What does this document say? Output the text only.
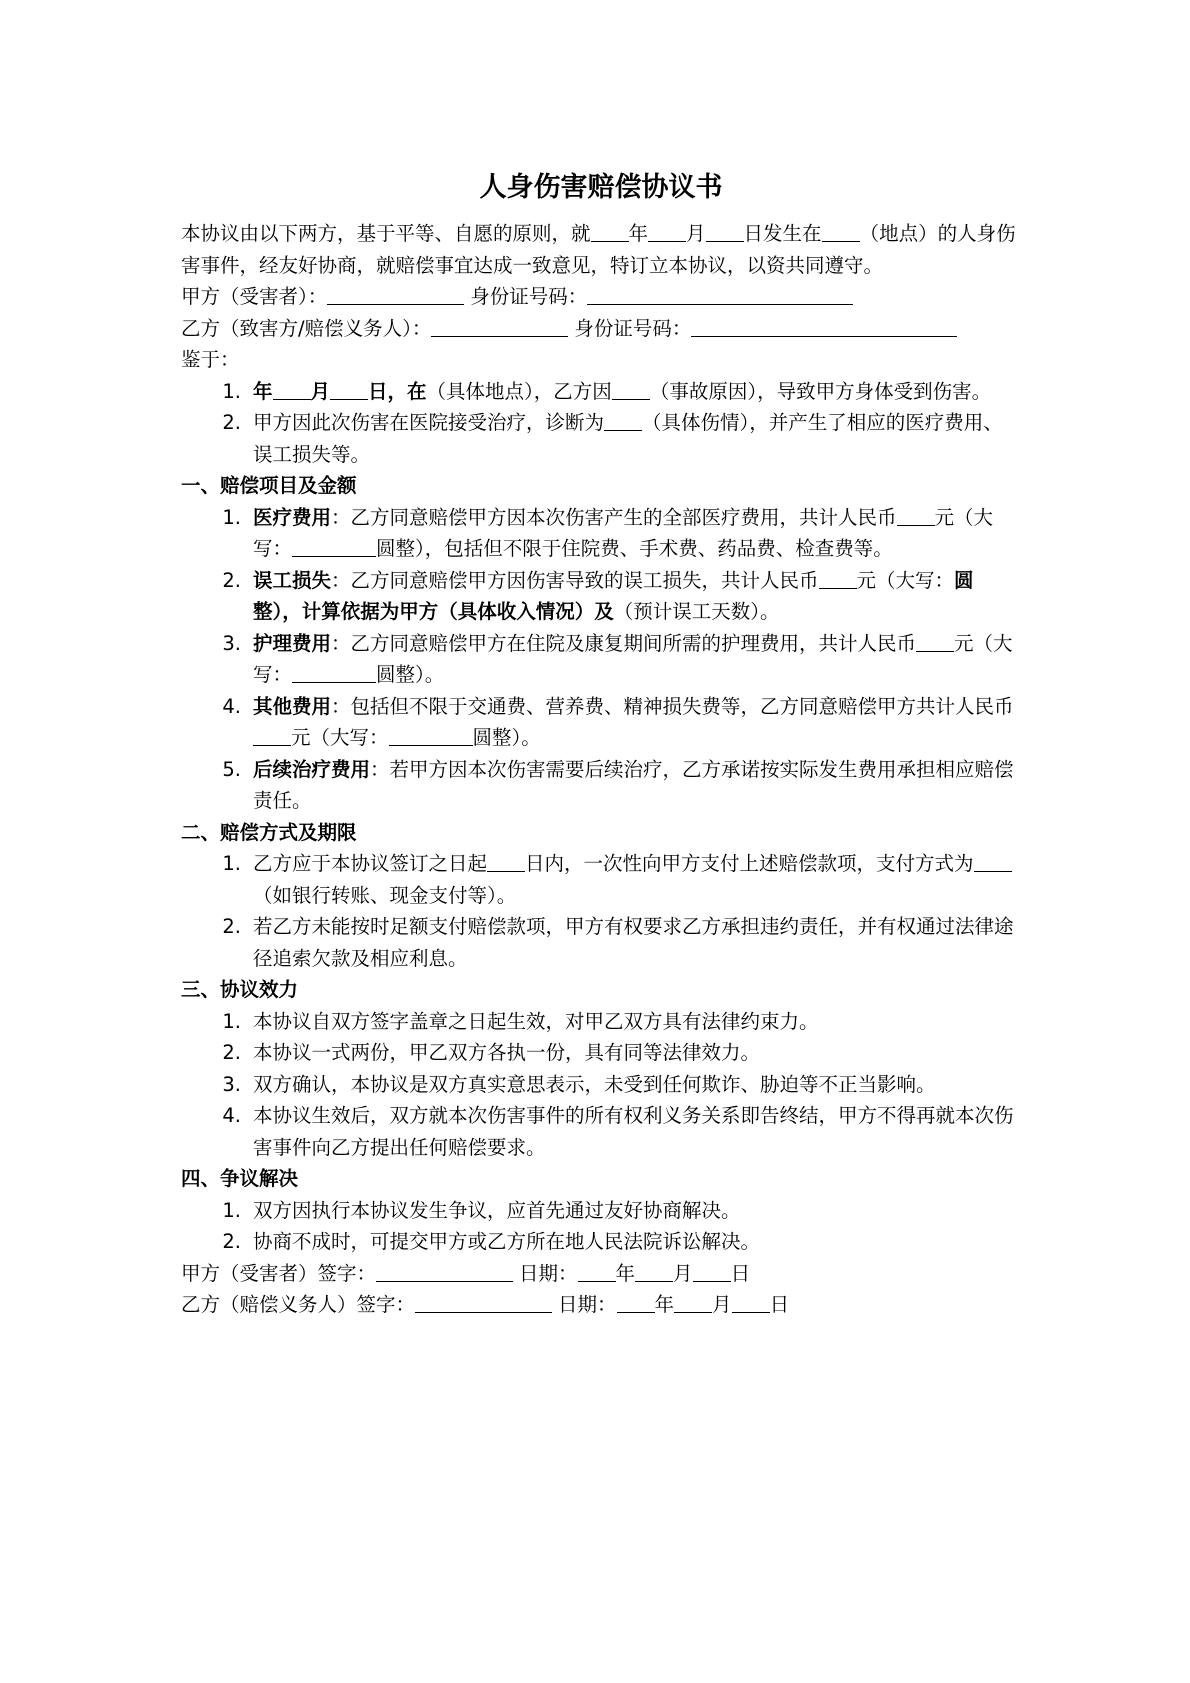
人身伤害赔偿协议书

本协议由以下两方，基于平等、自愿的原则，就 年 月 日发生在 （地点）的人身伤害事件，经友好协商，就赔偿事宜达成一致意见，特订立本协议，以资共同遵守。

甲方（受害者）：	身份证号码：

乙方（致害方/赔偿义务人）：	身份证号码：

鉴于：

1. 年 月 日，在（具体地点），乙方因 （事故原因），导致甲方身体受到伤害。
2. 甲方因此次伤害在医院接受治疗，诊断为 （具体伤情），并产生了相应的医疗费用、误工损失等。

一、赔偿项目及金额

1. 医疗费用：乙方同意赔偿甲方因本次伤害产生的全部医疗费用，共计人民币 元（大写：	圆整），包括但不限于住院费、手术费、药品费、检查费等。
2. 误工损失：乙方同意赔偿甲方因伤害导致的误工损失，共计人民币 元（大写：圆整），计算依据为甲方（具体收入情况）及（预计误工天数）。
3. 护理费用：乙方同意赔偿甲方在住院及康复期间所需的护理费用，共计人民币 元（大写：	圆整）。
4. 其他费用：包括但不限于交通费、营养费、精神损失费等，乙方同意赔偿甲方共计人民币元（大写：	圆整）。
5. 后续治疗费用：若甲方因本次伤害需要后续治疗，乙方承诺按实际发生费用承担相应赔偿责任。

二、赔偿方式及期限

1. 乙方应于本协议签订之日起 日内，一次性向甲方支付上述赔偿款项，支付方式为（如银行转账、现金支付等）。
2. 若乙方未能按时足额支付赔偿款项，甲方有权要求乙方承担违约责任，并有权通过法律途径追索欠款及相应利息。

三、协议效力

1. 本协议自双方签字盖章之日起生效，对甲乙双方具有法律约束力。
2. 本协议一式两份，甲乙双方各执一份，具有同等法律效力。
3. 双方确认，本协议是双方真实意思表示，未受到任何欺诈、胁迫等不正当影响。
4. 本协议生效后，双方就本次伤害事件的所有权利义务关系即告终结，甲方不得再就本次伤害事件向乙方提出任何赔偿要求。

四、争议解决

1. 双方因执行本协议发生争议，应首先通过友好协商解决。
2. 协商不成时，可提交甲方或乙方所在地人民法院诉讼解决。

甲方（受害者）签字：	日期： 年 月 日

乙方（赔偿义务人）签字：	日期： 年 月 日
